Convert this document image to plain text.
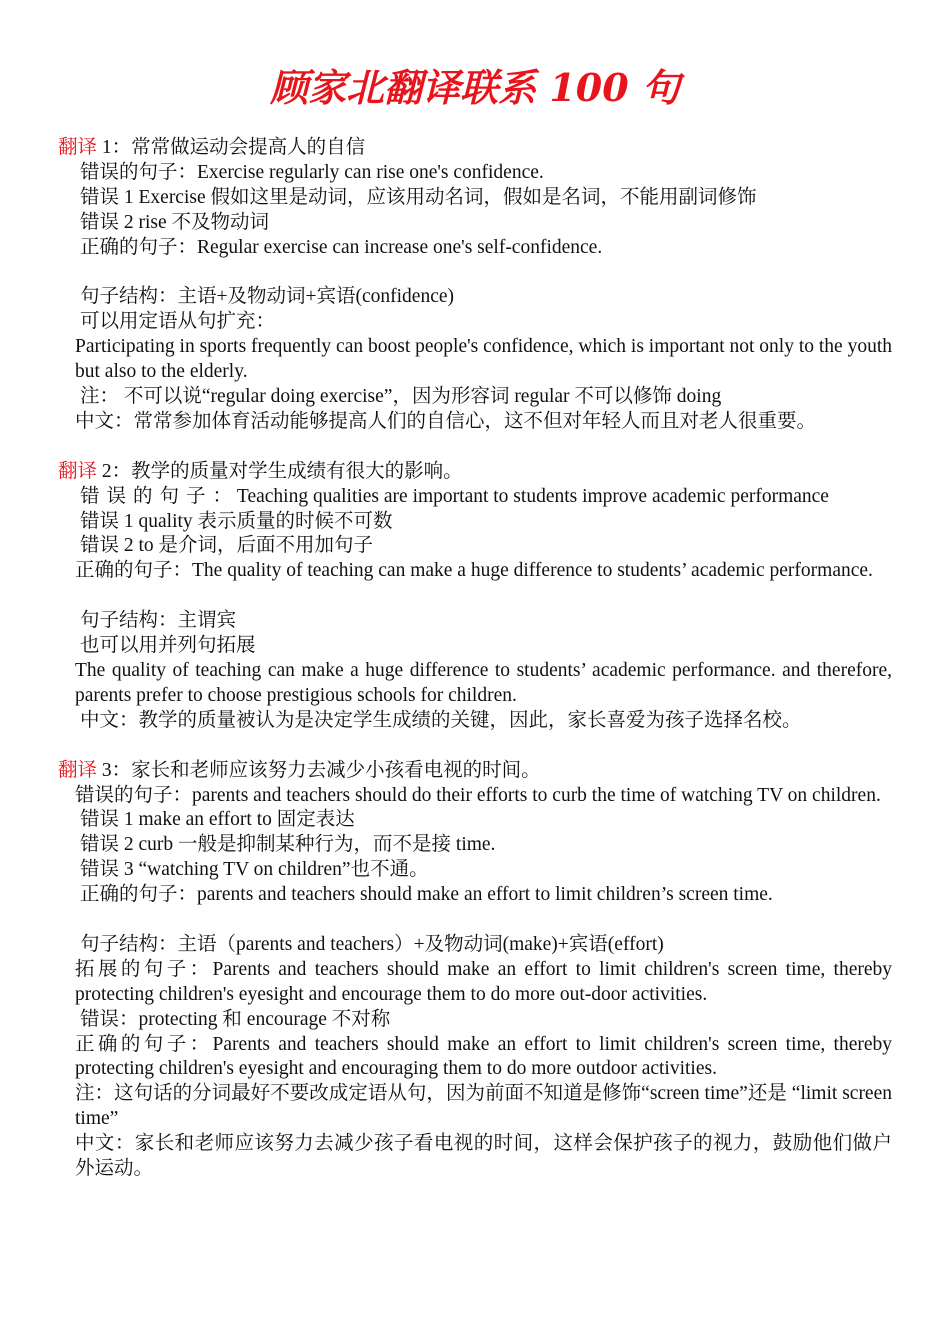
顾家北翻译联系 100 句

翻译 1：常常做运动会提高人的自信

错误的句子：Exercise regularly can rise one's confidence.

错误 1 Exercise 假如这里是动词，应该用动名词，假如是名词，不能用副词修饰

错误 2 rise 不及物动词

正确的句子：Regular exercise can increase one's self-confidence.

句子结构：主语+及物动词+宾语(confidence)

可以用定语从句扩充：

Participating in sports frequently can boost people's confidence, which is important not only to the youth but also to the elderly.

注： 不可以说“regular doing exercise”，因为形容词 regular 不可以修饰 doing

中文：常常参加体育活动能够提高人们的自信心，这不但对年轻人而且对老人很重要。

翻译 2：教学的质量对学生成绩有很大的影响。

错误的句子： Teaching qualities are important to students improve academic performance

错误 1 quality 表示质量的时候不可数

错误 2 to 是介词，后面不用加句子

正确的句子：The quality of teaching can make a huge difference to students’ academic performance.

句子结构：主谓宾

也可以用并列句拓展

The quality of teaching can make a huge difference to students’ academic performance. and therefore, parents prefer to choose prestigious schools for children.

中文：教学的质量被认为是决定学生成绩的关键，因此，家长喜爱为孩子选择名校。

翻译 3：家长和老师应该努力去减少小孩看电视的时间。

错误的句子：parents and teachers should do their efforts to curb the time of watching TV on children.

错误 1 make an effort to 固定表达

错误 2 curb 一般是抑制某种行为，而不是接 time.

错误 3 “watching TV on children”也不通。

正确的句子：parents and teachers should make an effort to limit children’s screen time.

句子结构：主语（parents and teachers）+及物动词(make)+宾语(effort)

拓展的句子：Parents and teachers should make an effort to limit children's screen time, thereby protecting children's eyesight and encourage them to do more out-door activities.

错误：protecting 和 encourage 不对称

正确的句子：Parents and teachers should make an effort to limit children's screen time, thereby protecting children's eyesight and encouraging them to do more outdoor activities.

注：这句话的分词最好不要改成定语从句，因为前面不知道是修饰“screen time”还是 “limit screen time”

中文：家长和老师应该努力去减少孩子看电视的时间，这样会保护孩子的视力，鼓励他们做户外运动。
